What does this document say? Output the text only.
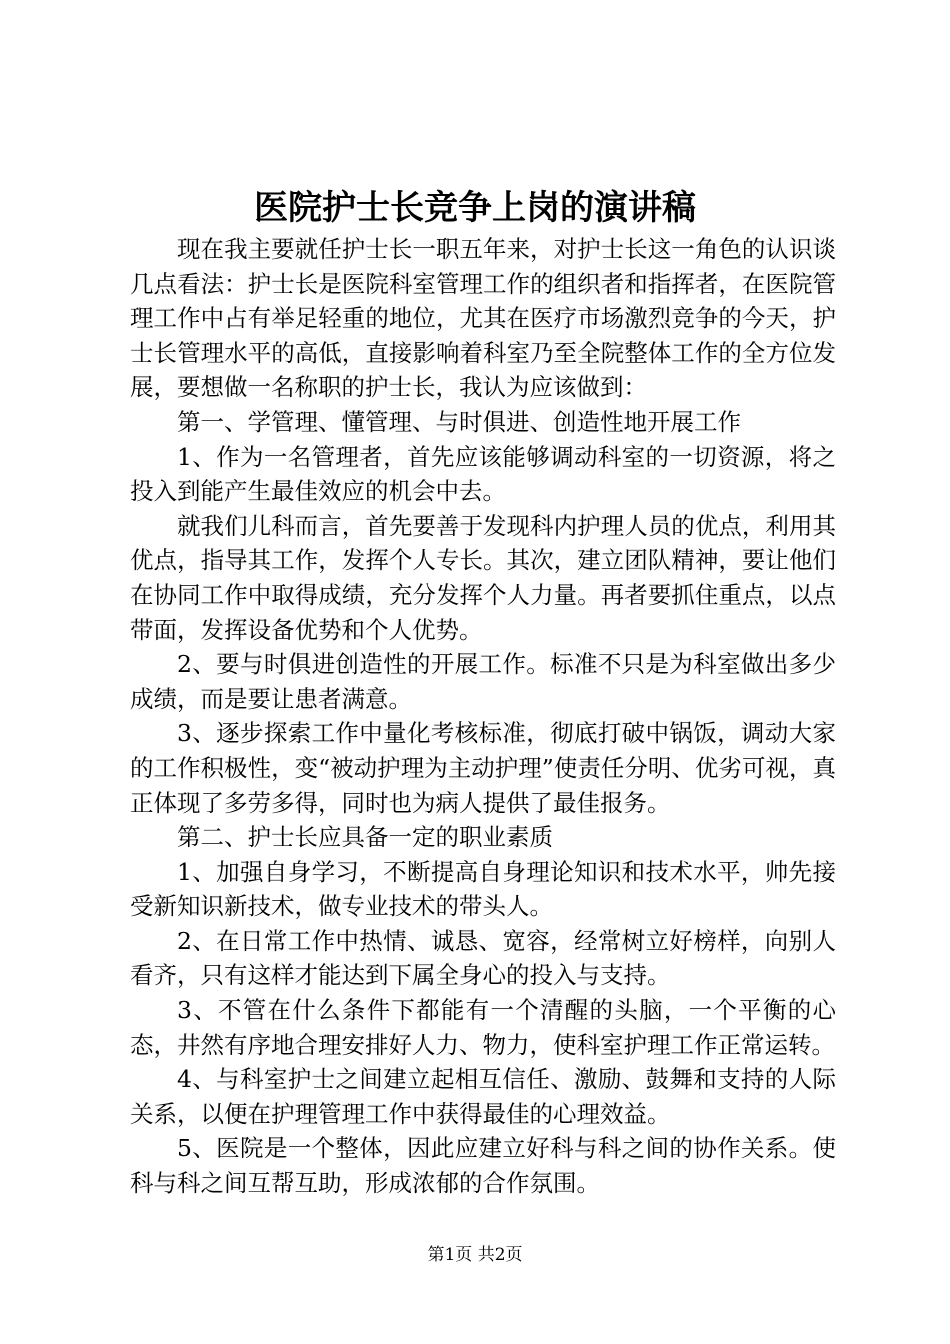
医院护士长竞争上岗的演讲稿

现在我主要就任护士长一职五年来，对护士长这一角色的认识谈几点看法：护士长是医院科室管理工作的组织者和指挥者，在医院管理工作中占有举足轻重的地位，尤其在医疗市场激烈竞争的今天，护士长管理水平的高低，直接影响着科室乃至全院整体工作的全方位发展，要想做一名称职的护士长，我认为应该做到：

第一、学管理、懂管理、与时俱进、创造性地开展工作

1、作为一名管理者，首先应该能够调动科室的一切资源，将之投入到能产生最佳效应的机会中去。

就我们儿科而言，首先要善于发现科内护理人员的优点，利用其优点，指导其工作，发挥个人专长。其次，建立团队精神，要让他们在协同工作中取得成绩，充分发挥个人力量。再者要抓住重点，以点带面，发挥设备优势和个人优势。

2、要与时俱进创造性的开展工作。标准不只是为科室做出多少成绩，而是要让患者满意。

3、逐步探索工作中量化考核标准，彻底打破中锅饭，调动大家的工作积极性，变“被动护理为主动护理”使责任分明、优劣可视，真正体现了多劳多得，同时也为病人提供了最佳报务。

第二、护士长应具备一定的职业素质

1、加强自身学习，不断提高自身理论知识和技术水平，帅先接受新知识新技术，做专业技术的带头人。

2、在日常工作中热情、诚恳、宽容，经常树立好榜样，向别人看齐，只有这样才能达到下属全身心的投入与支持。

3、不管在什么条件下都能有一个清醒的头脑，一个平衡的心态，井然有序地合理安排好人力、物力，使科室护理工作正常运转。

4、与科室护士之间建立起相互信任、激励、鼓舞和支持的人际关系，以便在护理管理工作中获得最佳的心理效益。

5、医院是一个整体，因此应建立好科与科之间的协作关系。使科与科之间互帮互助，形成浓郁的合作氛围。

第1页 共2页
